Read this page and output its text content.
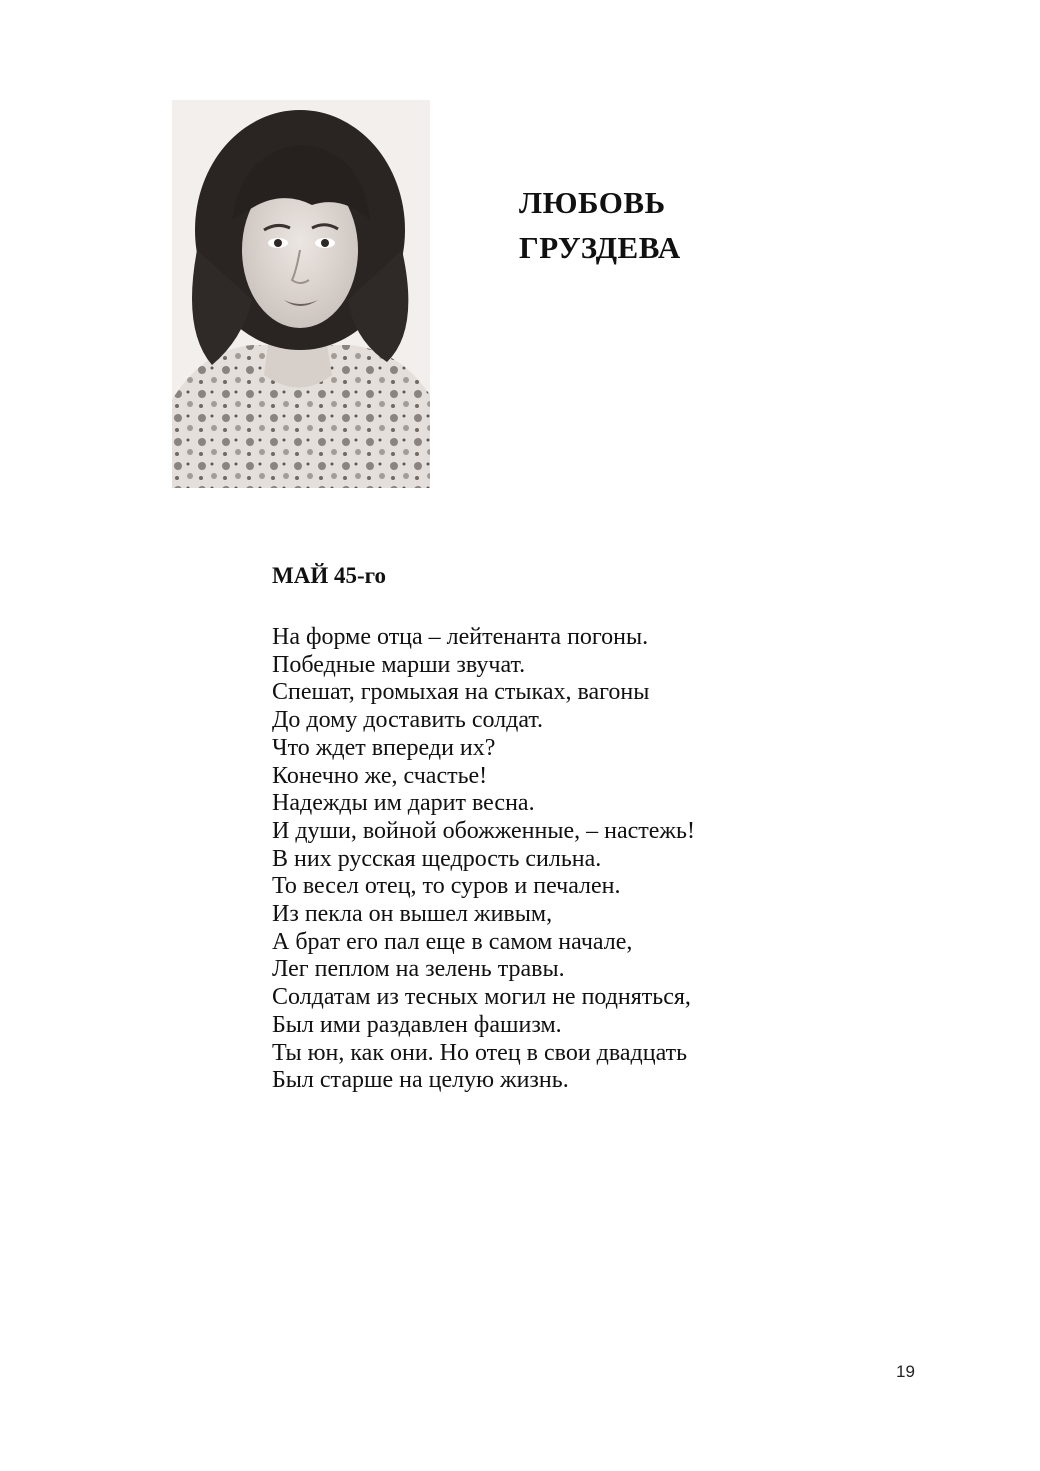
ЛЮБОВЬ
ГРУЗДЕВА
МАЙ 45-го
На форме отца – лейтенанта погоны.
Победные марши звучат.
Спешат, громыхая на стыках, вагоны
До дому доставить солдат.
Что ждет впереди их?
Конечно же, счастье!
Надежды им дарит весна.
И души, войной обожженные, – настежь!
В них русская щедрость сильна.
То весел отец, то суров и печален.
Из пекла он вышел живым,
А брат его пал еще в самом начале,
Лег пеплом на зелень травы.
Солдатам из тесных могил не подняться,
Был ими раздавлен фашизм.
Ты юн, как они. Но отец в свои двадцать
Был старше на целую жизнь.
19
